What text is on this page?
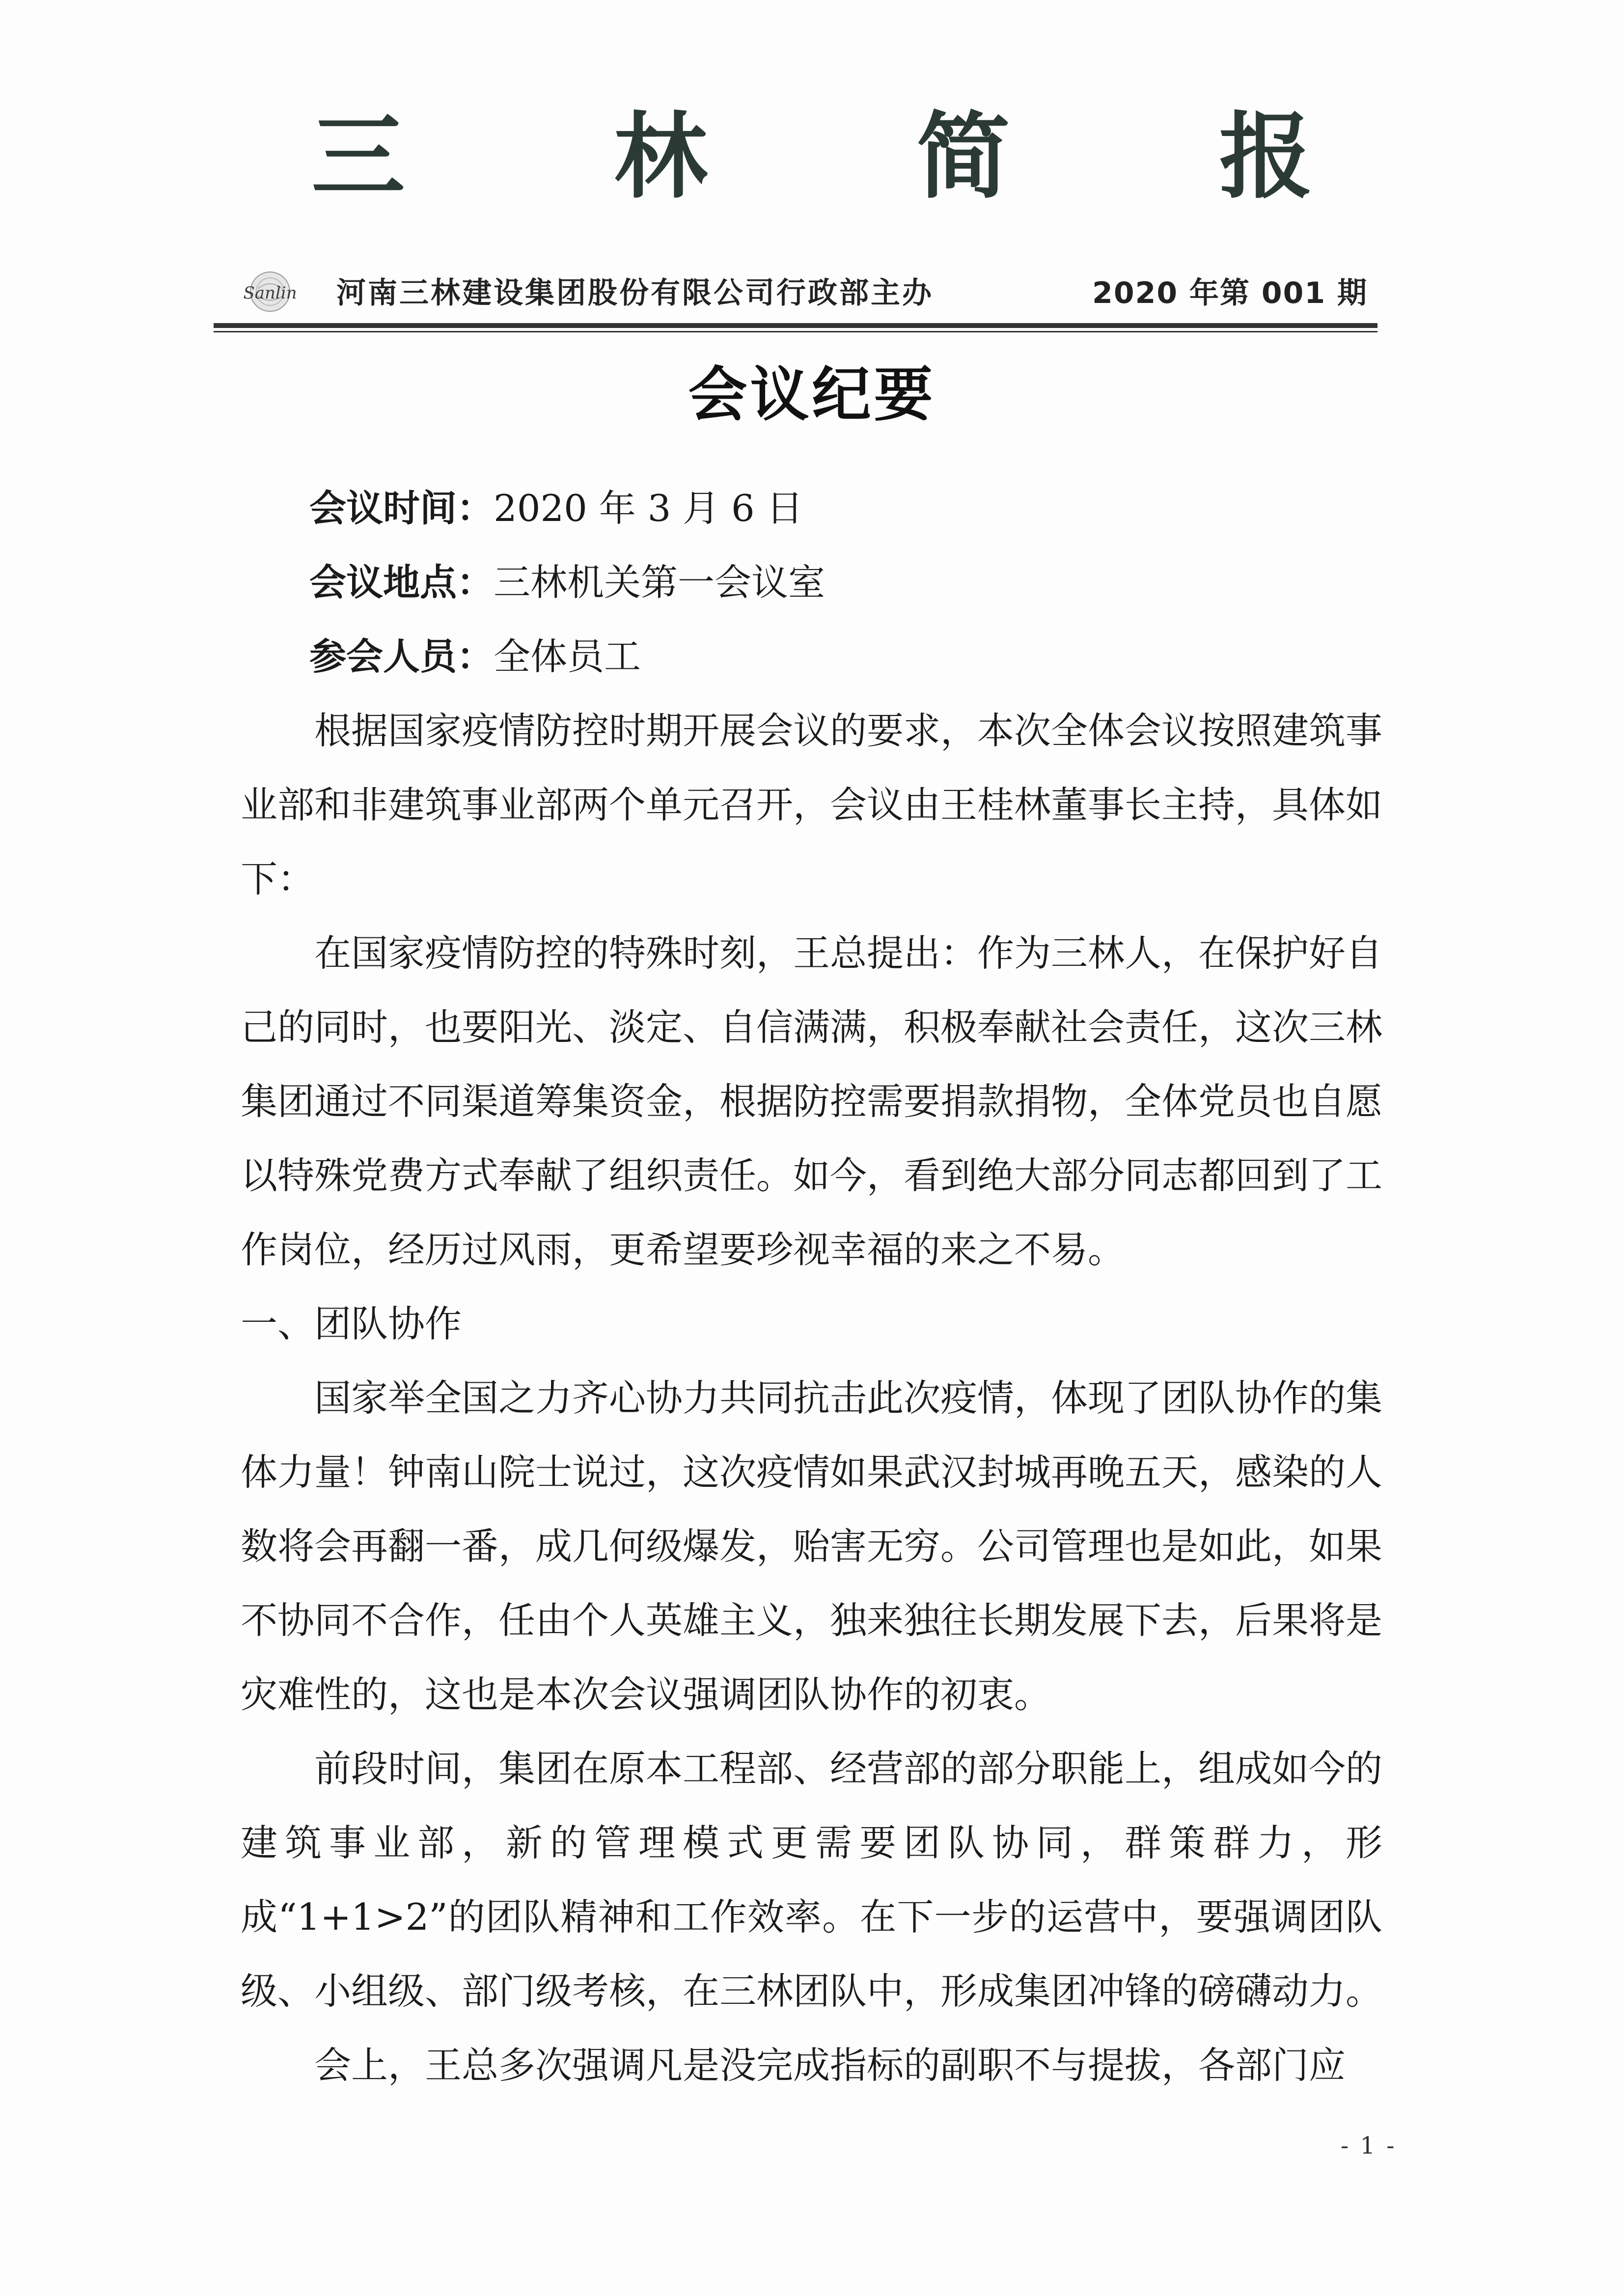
三 林 简 报
Sanlin 河南三林建设集团股份有限公司行政部主办	2020 年第 001 期
会议纪要

会议时间：2020 年 3 月 6 日

会议地点：三林机关第一会议室

参会人员：全体员工

根据国家疫情防控时期开展会议的要求，本次全体会议按照建筑事业部和非建筑事业部两个单元召开，会议由王桂林董事长主持，具体如下：

在国家疫情防控的特殊时刻，王总提出：作为三林人，在保护好自己的同时，也要阳光、淡定、自信满满，积极奉献社会责任，这次三林集团通过不同渠道筹集资金，根据防控需要捐款捐物，全体党员也自愿以特殊党费方式奉献了组织责任。如今，看到绝大部分同志都回到了工作岗位，经历过风雨，更希望要珍视幸福的来之不易。

一、团队协作

国家举全国之力齐心协力共同抗击此次疫情，体现了团队协作的集体力量！钟南山院士说过，这次疫情如果武汉封城再晚五天，感染的人数将会再翻一番，成几何级爆发，贻害无穷。公司管理也是如此，如果不协同不合作，任由个人英雄主义，独来独往长期发展下去，后果将是灾难性的，这也是本次会议强调团队协作的初衷。

前段时间，集团在原本工程部、经营部的部分职能上，组成如今的建筑事业部，新的管理模式更需要团队协同，群策群力，形成“1+1>2”的团队精神和工作效率。在下一步的运营中，要强调团队级、小组级、部门级考核，在三林团队中，形成集团冲锋的磅礴动力。

会上，王总多次强调凡是没完成指标的副职不与提拔，各部门应

- 1 -
